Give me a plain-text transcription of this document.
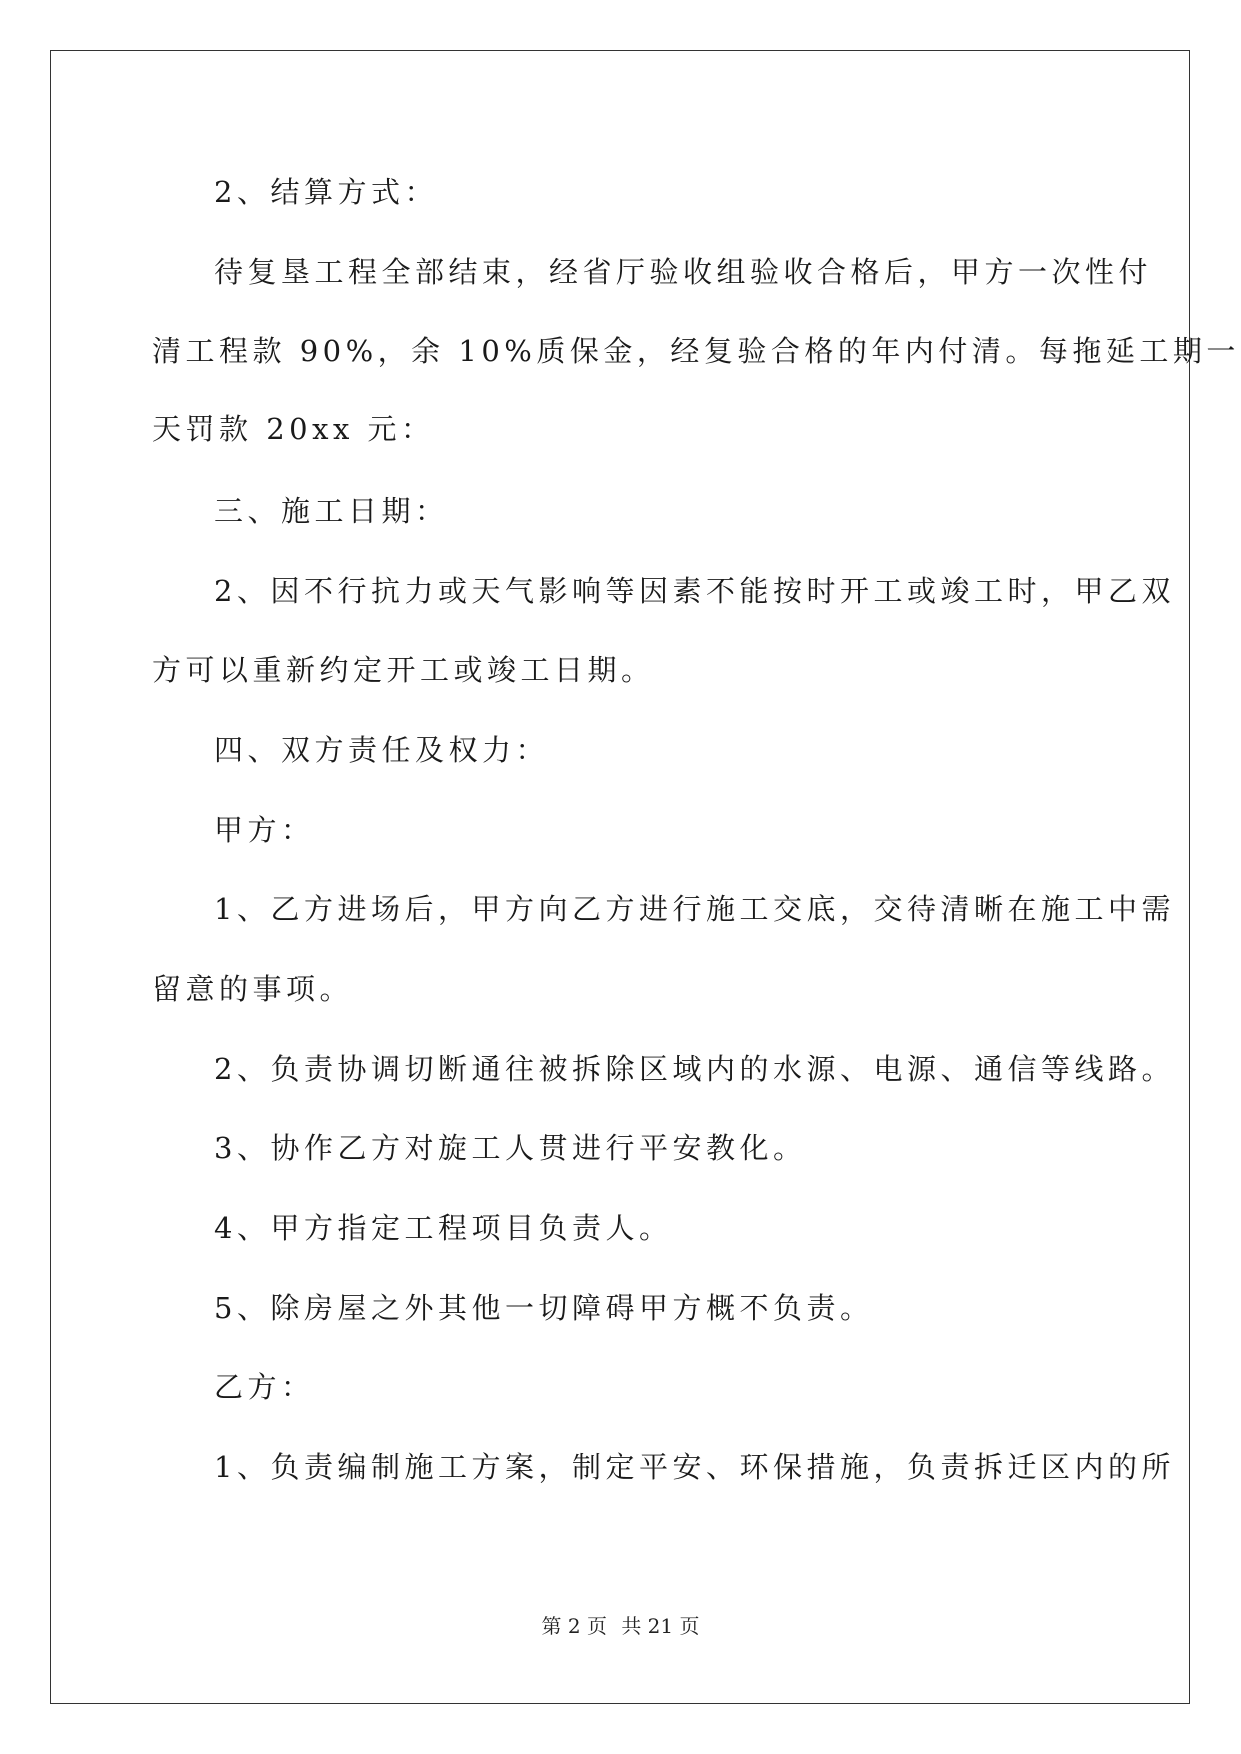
2、结算方式：
待复垦工程全部结束，经省厅验收组验收合格后，甲方一次性付
清工程款 90%，余 10%质保金，经复验合格的年内付清。每拖延工期一
天罚款 20xx 元：
三、施工日期：
2、因不行抗力或天气影响等因素不能按时开工或竣工时，甲乙双
方可以重新约定开工或竣工日期。
四、双方责任及权力：
甲方：
1、乙方进场后，甲方向乙方进行施工交底，交待清晰在施工中需
留意的事项。
2、负责协调切断通往被拆除区域内的水源、电源、通信等线路。
3、协作乙方对旋工人贯进行平安教化。
4、甲方指定工程项目负责人。
5、除房屋之外其他一切障碍甲方概不负责。
乙方：
1、负责编制施工方案，制定平安、环保措施，负责拆迁区内的所
第 2 页 共 21 页
